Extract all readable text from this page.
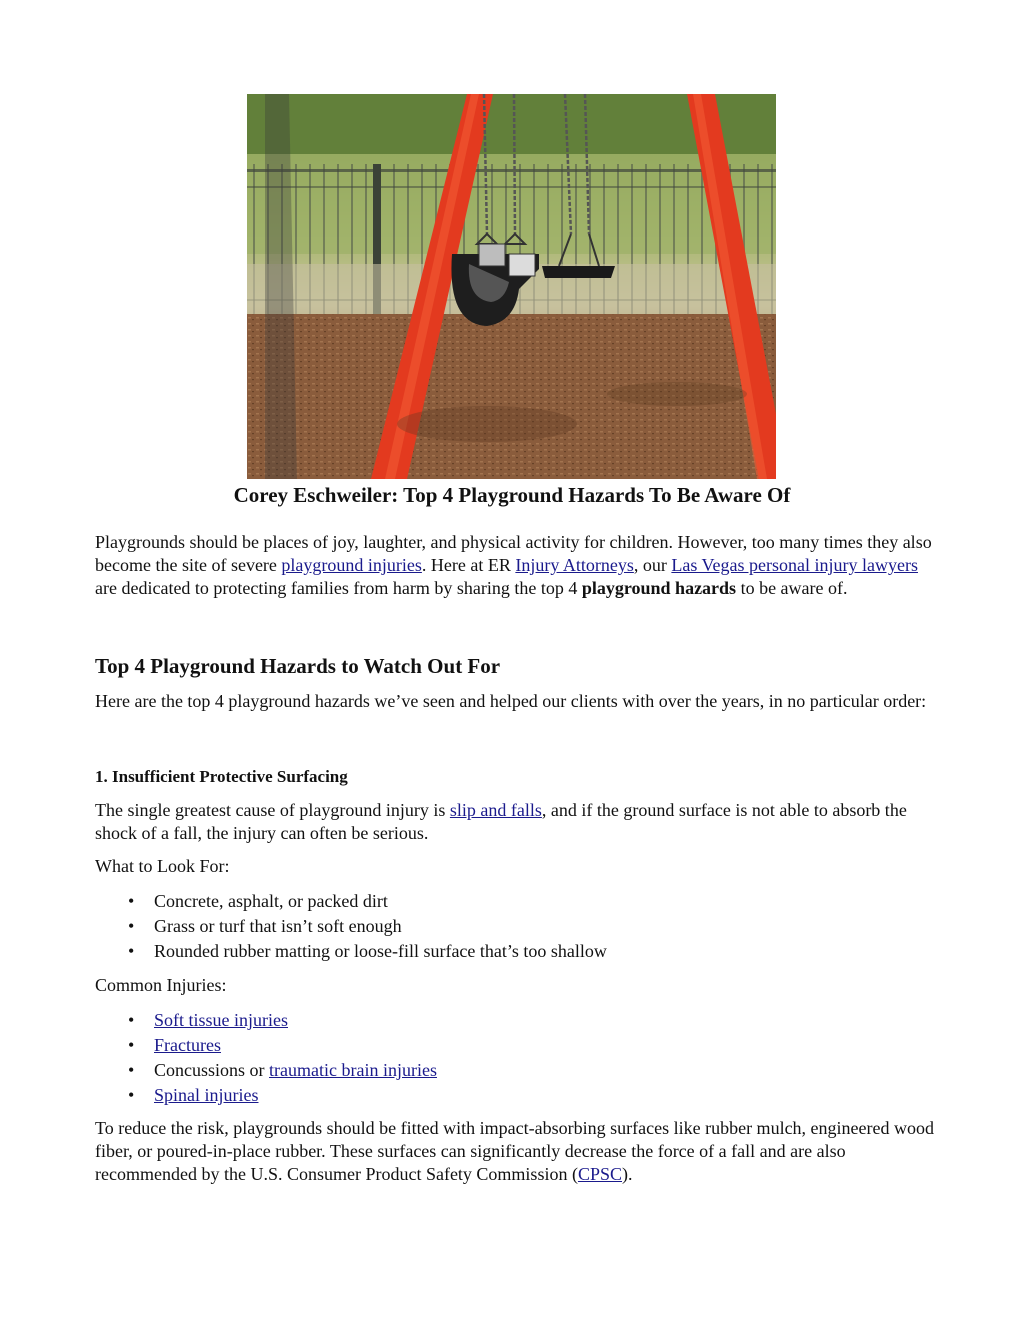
Corey Eschweiler: Top 4 Playground Hazards To Be Aware Of

Playgrounds should be places of joy, laughter, and physical activity for children. However, too many times they also become the site of severe playground injuries. Here at ER Injury Attorneys, our Las Vegas personal injury lawyers are dedicated to protecting families from harm by sharing the top 4 playground hazards to be aware of.

Top 4 Playground Hazards to Watch Out For

Here are the top 4 playground hazards we’ve seen and helped our clients with over the years, in no particular order:

1. Insufficient Protective Surfacing

The single greatest cause of playground injury is slip and falls, and if the ground surface is not able to absorb the shock of a fall, the injury can often be serious.

What to Look For:

• Concrete, asphalt, or packed dirt
• Grass or turf that isn’t soft enough
• Rounded rubber matting or loose-fill surface that’s too shallow

Common Injuries:

• Soft tissue injuries
• Fractures
• Concussions or traumatic brain injuries
• Spinal injuries

To reduce the risk, playgrounds should be fitted with impact-absorbing surfaces like rubber mulch, engineered wood fiber, or poured-in-place rubber. These surfaces can significantly decrease the force of a fall and are also recommended by the U.S. Consumer Product Safety Commission (CPSC).
